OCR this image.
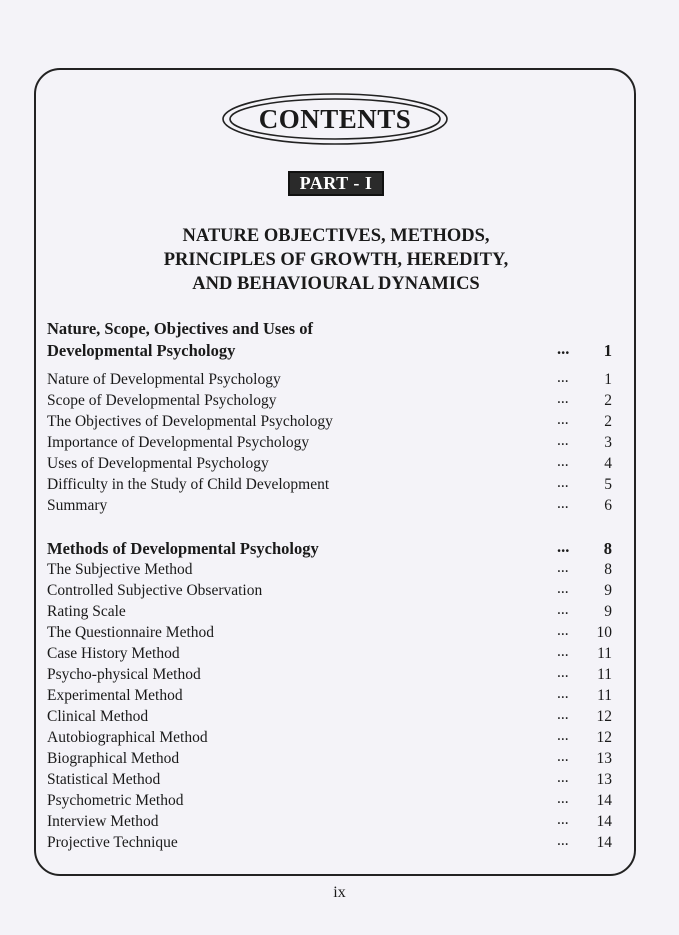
CONTENTS
PART - I
NATURE OBJECTIVES, METHODS,
PRINCIPLES OF GROWTH, HEREDITY,
AND BEHAVIOURAL DYNAMICS
Nature, Scope, Objectives and Uses of
Developmental Psychology	... 1
Nature of Developmental Psychology	... 1
Scope of Developmental Psychology	... 2
The Objectives of Developmental Psychology	... 2
Importance of Developmental Psychology	... 3
Uses of Developmental Psychology	... 4
Difficulty in the Study of Child Development	... 5
Summary	... 6
Methods of Developmental Psychology	... 8
The Subjective Method	... 8
Controlled Subjective Observation	... 9
Rating Scale	... 9
The Questionnaire Method	... 10
Case History Method	... 11
Psycho-physical Method	... 11
Experimental Method	... 11
Clinical Method	... 12
Autobiographical Method	... 12
Biographical Method	... 13
Statistical Method	... 13
Psychometric Method	... 14
Interview Method	... 14
Projective Technique	... 14
ix
